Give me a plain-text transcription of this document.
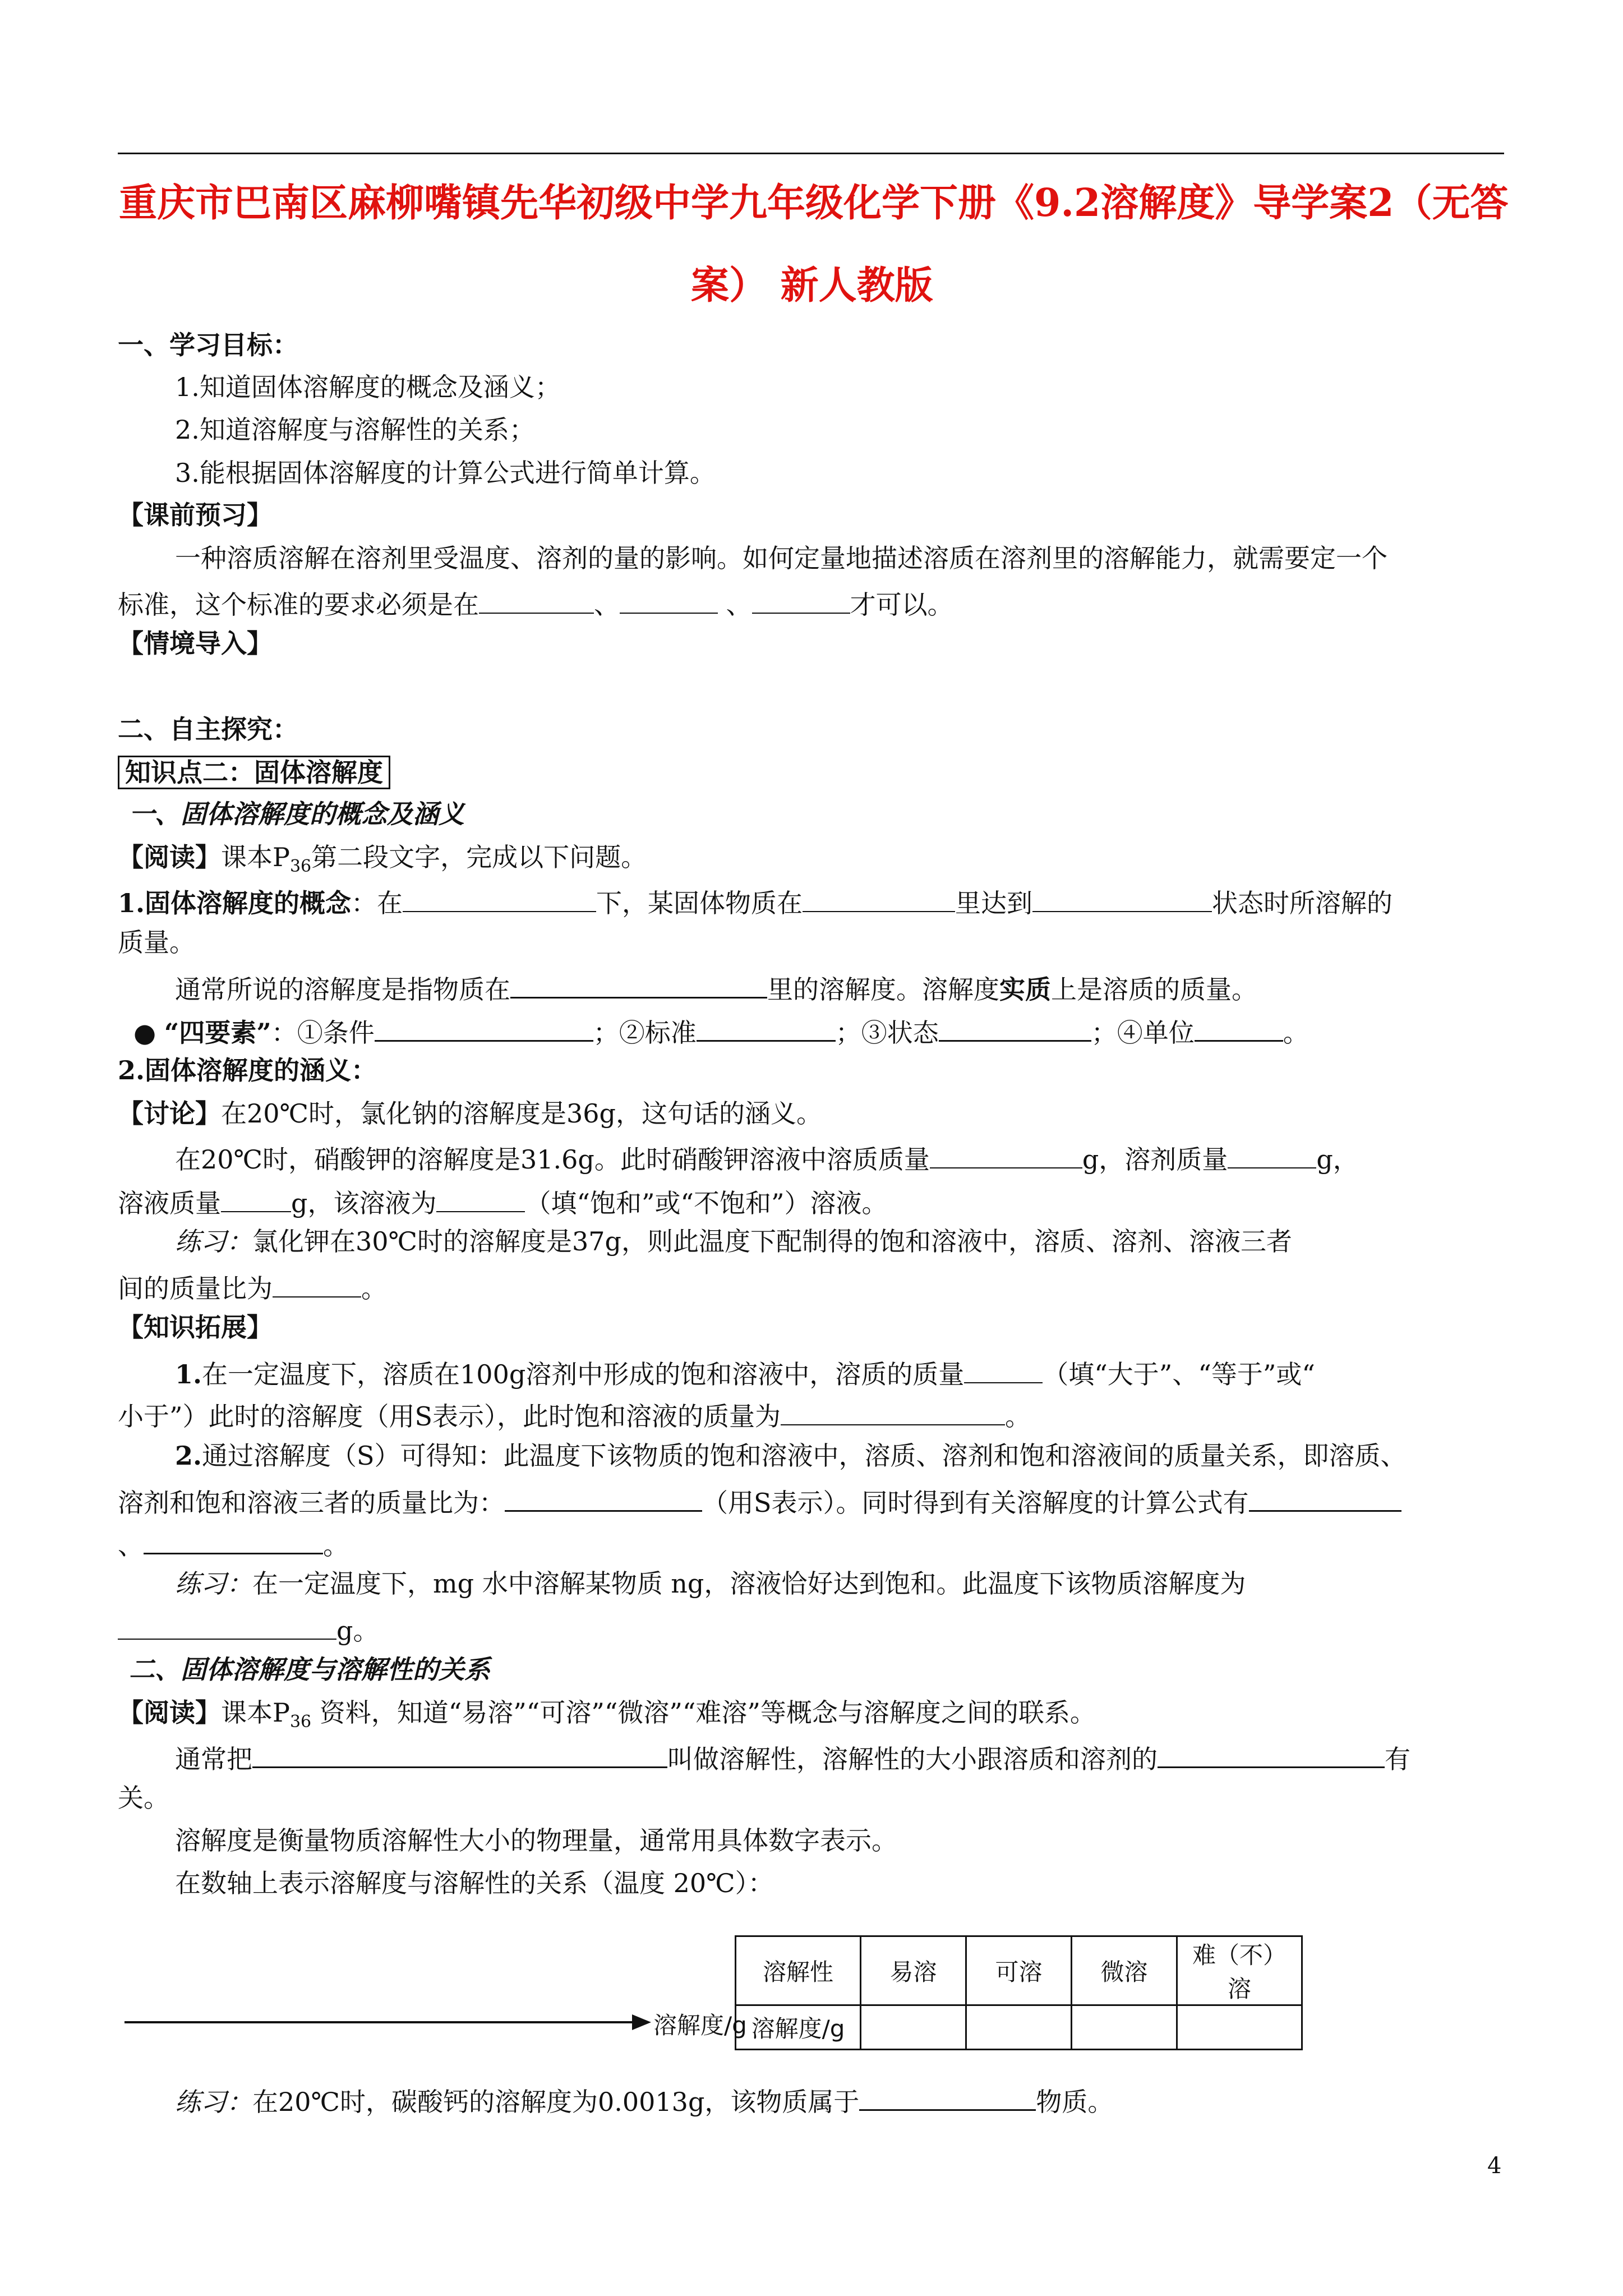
重庆市巴南区麻柳嘴镇先华初级中学九年级化学下册《9.2溶解度》导学案2（无答
案） 新人教版
一、学习目标：
1.知道固体溶解度的概念及涵义；
2.知道溶解度与溶解性的关系；
3.能根据固体溶解度的计算公式进行简单计算。
【课前预习】
一种溶质溶解在溶剂里受温度、溶剂的量的影响。如何定量地描述溶质在溶剂里的溶解能力，就需要定一个
标准，这个标准的要求必须是在	、	、	才可以。
【情境导入】
二、自主探究：
知识点二：固体溶解度
一、固体溶解度的概念及涵义
【阅读】课本$P_{36}$第二段文字，完成以下问题。
1.固体溶解度的概念：在	下，某固体物质在	里达到	状态时所溶解的
质量。
通常所说的溶解度是指物质在	里的溶解度。溶解度实质上是溶质的质量。
● “四要素”：①条件	；②标准	；③状态	；④单位	。
2.固体溶解度的涵义：
【讨论】在20℃时，氯化钠的溶解度是36g，这句话的涵义。
在20℃时，硝酸钾的溶解度是31.6g。此时硝酸钾溶液中溶质质量	g，溶剂质量	g，
溶液质量	g，该溶液为	（填“饱和”或“不饱和”）溶液。
练习：氯化钾在30℃时的溶解度是37g，则此温度下配制得的饱和溶液中，溶质、溶剂、溶液三者
间的质量比为	。
【知识拓展】
1.在一定温度下，溶质在100g溶剂中形成的饱和溶液中，溶质的质量	（填“大于”、“等于”或“
小于”）此时的溶解度（用S表示），此时饱和溶液的质量为	。
2.通过溶解度（S）可得知：此温度下该物质的饱和溶液中，溶质、溶剂和饱和溶液间的质量关系，即溶质、
溶剂和饱和溶液三者的质量比为：	（用S表示）。同时得到有关溶解度的计算公式有
、	。
练习：在一定温度下，mg 水中溶解某物质 ng，溶液恰好达到饱和。此温度下该物质溶解度为
g。
二、固体溶解度与溶解性的关系
【阅读】课本$P_{36}$ 资料，知道“易溶”“可溶”“微溶”“难溶”等概念与溶解度之间的联系。
通常把	叫做溶解性，溶解性的大小跟溶质和溶剂的	有
关。
溶解度是衡量物质溶解性大小的物理量，通常用具体数字表示。
在数轴上表示溶解度与溶解性的关系（温度 20℃）：
溶解度/g
溶解性	易溶	可溶	微溶	难（不）溶
溶解度/g				
练习：在20℃时，碳酸钙的溶解度为0.0013g，该物质属于	物质。
4
